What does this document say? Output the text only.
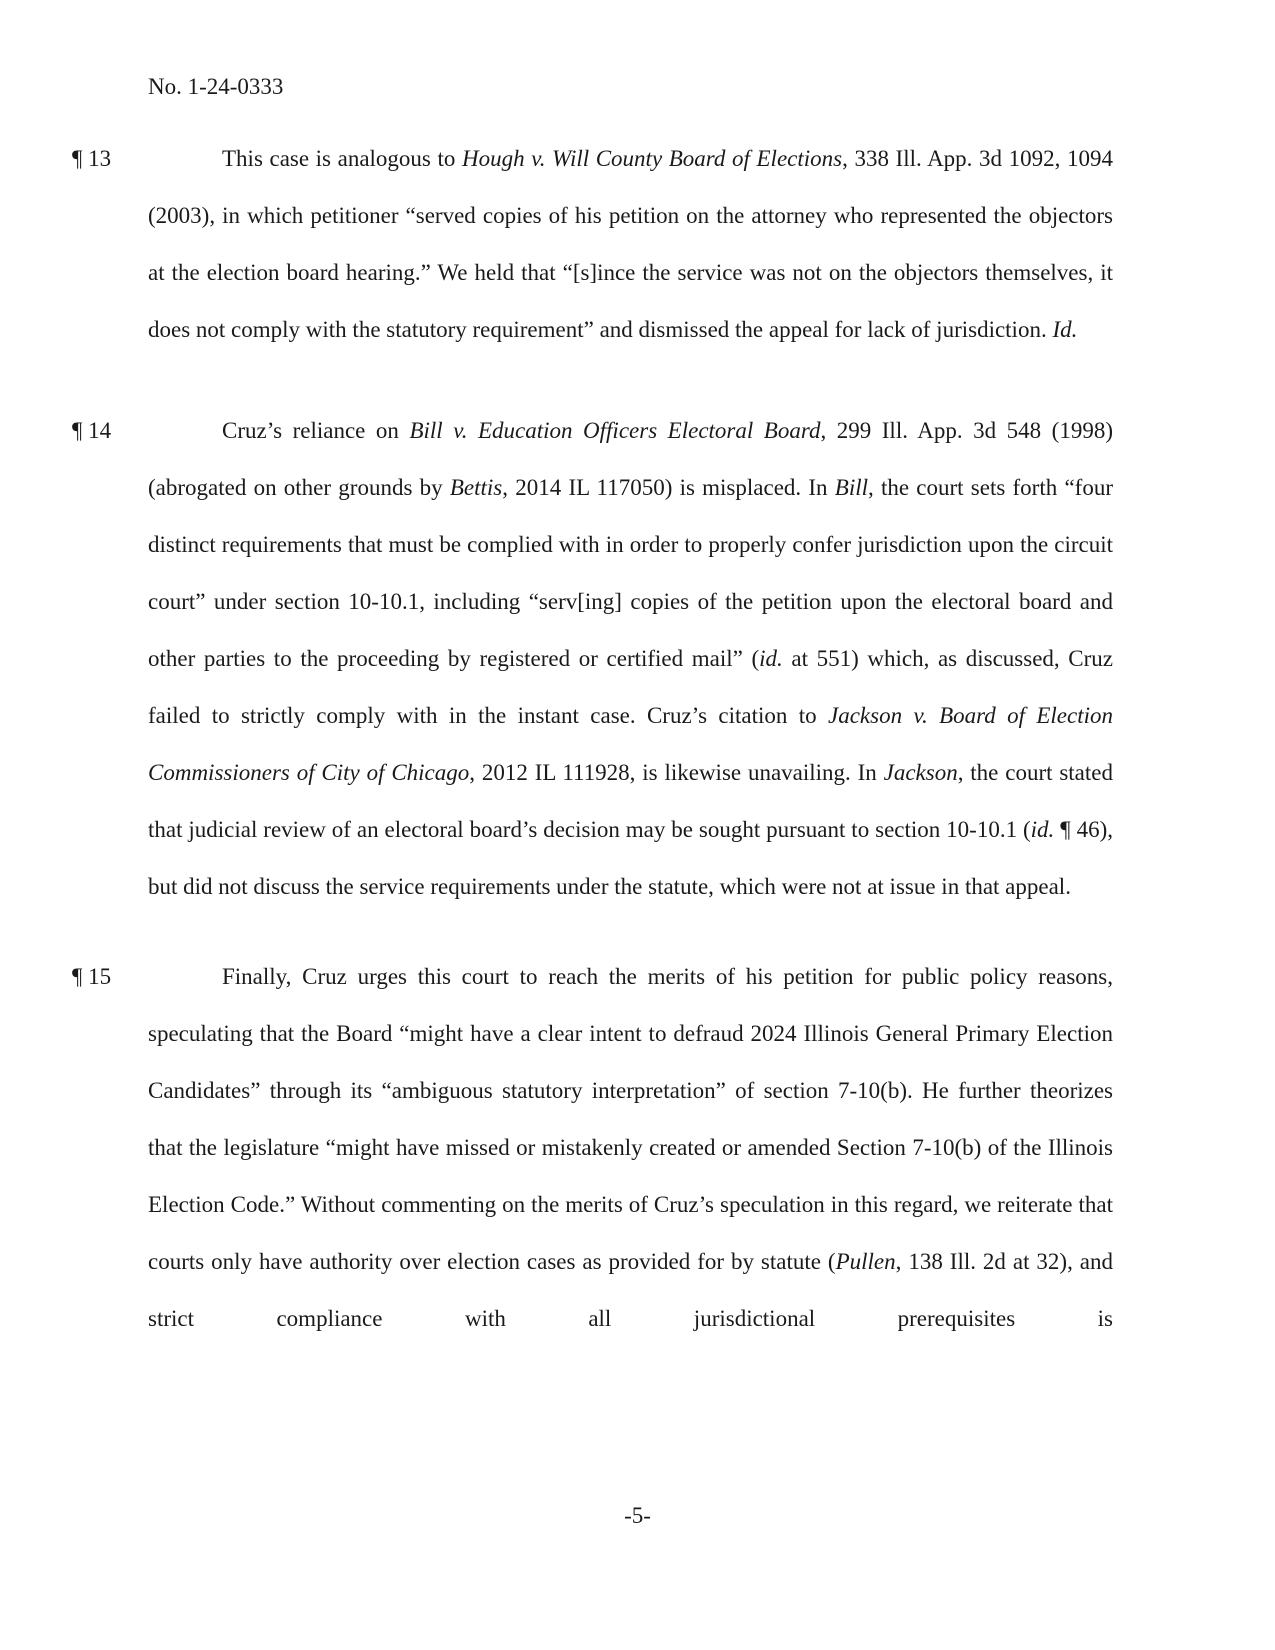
No. 1-24-0333
¶ 13	This case is analogous to Hough v. Will County Board of Elections, 338 Ill. App. 3d 1092, 1094 (2003), in which petitioner “served copies of his petition on the attorney who represented the objectors at the election board hearing.” We held that “[s]ince the service was not on the objectors themselves, it does not comply with the statutory requirement” and dismissed the appeal for lack of jurisdiction. Id.
¶ 14	Cruz’s reliance on Bill v. Education Officers Electoral Board, 299 Ill. App. 3d 548 (1998) (abrogated on other grounds by Bettis, 2014 IL 117050) is misplaced. In Bill, the court sets forth “four distinct requirements that must be complied with in order to properly confer jurisdiction upon the circuit court” under section 10-10.1, including “serv[ing] copies of the petition upon the electoral board and other parties to the proceeding by registered or certified mail” (id. at 551) which, as discussed, Cruz failed to strictly comply with in the instant case. Cruz’s citation to Jackson v. Board of Election Commissioners of City of Chicago, 2012 IL 111928, is likewise unavailing. In Jackson, the court stated that judicial review of an electoral board’s decision may be sought pursuant to section 10-10.1 (id. ¶ 46), but did not discuss the service requirements under the statute, which were not at issue in that appeal.
¶ 15	Finally, Cruz urges this court to reach the merits of his petition for public policy reasons, speculating that the Board “might have a clear intent to defraud 2024 Illinois General Primary Election Candidates” through its “ambiguous statutory interpretation” of section 7-10(b). He further theorizes that the legislature “might have missed or mistakenly created or amended Section 7-10(b) of the Illinois Election Code.” Without commenting on the merits of Cruz’s speculation in this regard, we reiterate that courts only have authority over election cases as provided for by statute (Pullen, 138 Ill. 2d at 32), and strict compliance with all jurisdictional prerequisites is
-5-
